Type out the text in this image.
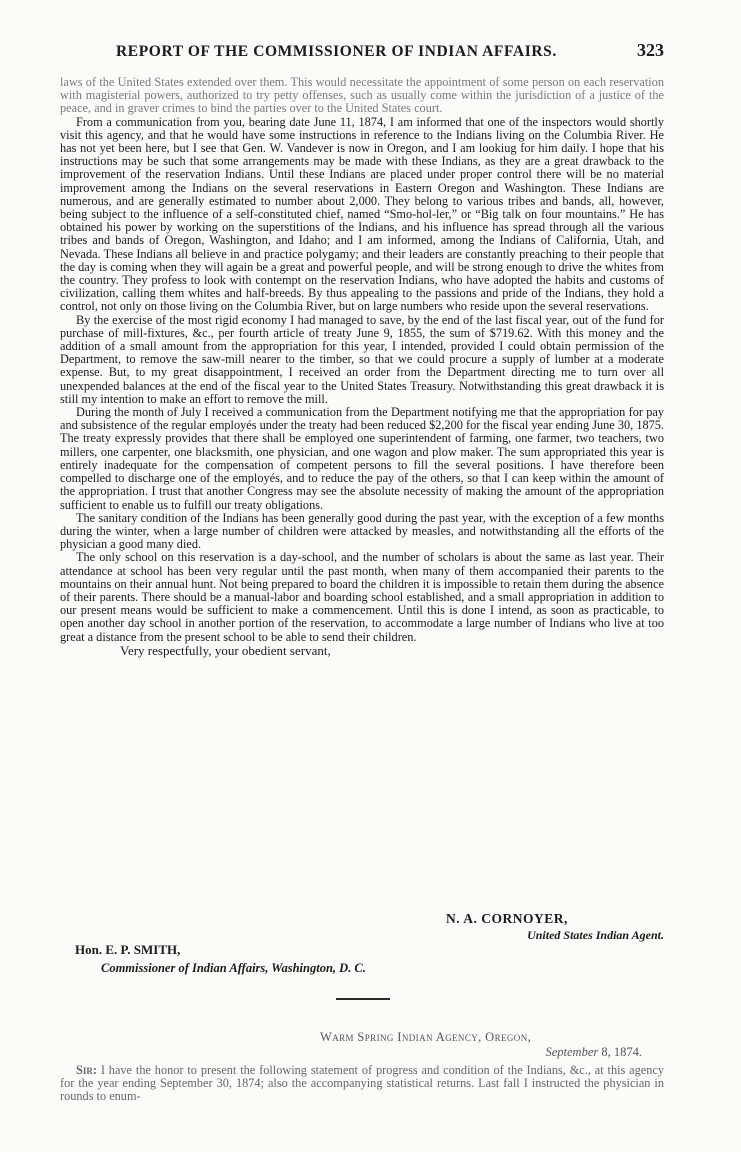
REPORT OF THE COMMISSIONER OF INDIAN AFFAIRS.	323

laws of the United States extended over them. This would necessitate the appointment of some person on each reservation with magisterial powers, authorized to try petty offenses, such as usually come within the jurisdiction of a justice of the peace, and in graver crimes to bind the parties over to the United States court.

From a communication from you, bearing date June 11, 1874, I am informed that one of the inspectors would shortly visit this agency, and that he would have some instructions in reference to the Indians living on the Columbia River. He has not yet been here, but I see that Gen. W. Vandever is now in Oregon, and I am lookiug for him daily. I hope that his instructions may be such that some arrangements may be made with these Indians, as they are a great drawback to the improvement of the reservation Indians. Until these Indians are placed under proper control there will be no material improvement among the Indians on the several reservations in Eastern Oregon and Washington. These Indians are numerous, and are generally estimated to number about 2,000. They belong to various tribes and bands, all, however, being subject to the influence of a self-constituted chief, named “Smo-hol-ler,” or “Big talk on four mountains.” He has obtained his power by working on the superstitions of the Indians, and his influence has spread through all the various tribes and bands of Oregon, Washington, and Idaho; and I am informed, among the Indians of California, Utah, and Nevada. These Indians all believe in and practice polygamy; and their leaders are constantly preaching to their people that the day is coming when they will again be a great and powerful people, and will be strong enough to drive the whites from the country. They profess to look with contempt on the reservation Indians, who have adopted the habits and customs of civilization, calling them whites and half-breeds. By thus appealing to the passions and pride of the Indians, they hold a control, not only on those living on the Columbia River, but on large numbers who reside upon the several reservations.

By the exercise of the most rigid economy I had managed to save, by the end of the last fiscal year, out of the fund for purchase of mill-fixtures, &c., per fourth article of treaty June 9, 1855, the sum of $719.62. With this money and the addition of a small amount from the appropriation for this year, I intended, provided I could obtain permission of the Department, to remove the saw-mill nearer to the timber, so that we could procure a supply of lumber at a moderate expense. But, to my great disappointment, I received an order from the Department directing me to turn over all unexpended balances at the end of the fiscal year to the United States Treasury. Notwithstanding this great drawback it is still my intention to make an effort to remove the mill.

During the month of July I received a communication from the Department notifying me that the appropriation for pay and subsistence of the regular employés under the treaty had been reduced $2,200 for the fiscal year ending June 30, 1875. The treaty expressly provides that there shall be employed one superintendent of farming, one farmer, two teachers, two millers, one carpenter, one blacksmith, one physician, and one wagon and plow maker. The sum appropriated this year is entirely inadequate for the compensation of competent persons to fill the several positions. I have therefore been compelled to discharge one of the employés, and to reduce the pay of the others, so that I can keep within the amount of the appropriation. I trust that another Congress may see the absolute necessity of making the amount of the appropriation sufficient to enable us to fulfill our treaty obligations.

The sanitary condition of the Indians has been generally good during the past year, with the exception of a few months during the winter, when a large number of children were attacked by measles, and notwithstanding all the efforts of the physician a good many died.

The only school on this reservation is a day-school, and the number of scholars is about the same as last year. Their attendance at school has been very regular until the past month, when many of them accompanied their parents to the mountains on their annual hunt. Not being prepared to board the children it is impossible to retain them during the absence of their parents. There should be a manual-labor and boarding school established, and a small appropriation in addition to our present means would be sufficient to make a commencement. Until this is done I intend, as soon as practicable, to open another day school in another portion of the reservation, to accommodate a large number of Indians who live at too great a distance from the present school to be able to send their children.

Very respectfully, your obedient servant,

N. A. CORNOYER,
United States Indian Agent.
Hon. E. P. SMITH,
Commissioner of Indian Affairs, Washington, D. C.
Warm Spring Indian Agency, Oregon,
September 8, 1874.

Sir: I have the honor to present the following statement of progress and condition of the Indians, &c., at this agency for the year ending September 30, 1874; also the accompanying statistical returns. Last fall I instructed the physician in rounds to enum-
